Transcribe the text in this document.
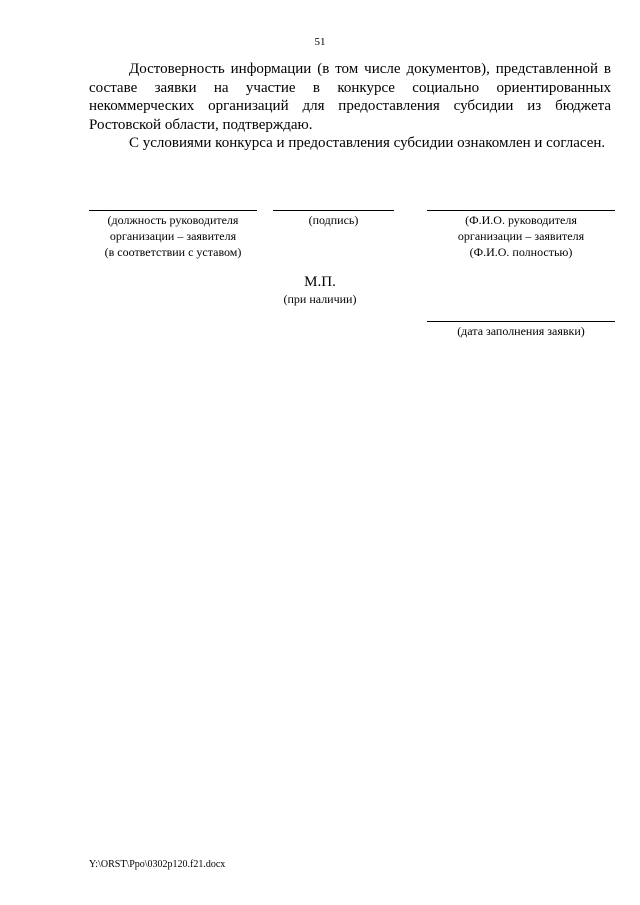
51

Достоверность информации (в том числе документов), представленной в составе заявки на участие в конкурсе социально ориентированных некоммерческих организаций для предоставления субсидии из бюджета Ростовской области, подтверждаю.

С условиями конкурса и предоставления субсидии ознакомлен и согласен.

(должность руководителя
организации – заявителя
(в соответствии с уставом)
(подпись)	(Ф.И.О. руководителя
организации – заявителя
(Ф.И.О. полностью)
М.П.
(при наличии)
(дата заполнения заявки)
Y:\ORST\Ppo\0302p120.f21.docx
